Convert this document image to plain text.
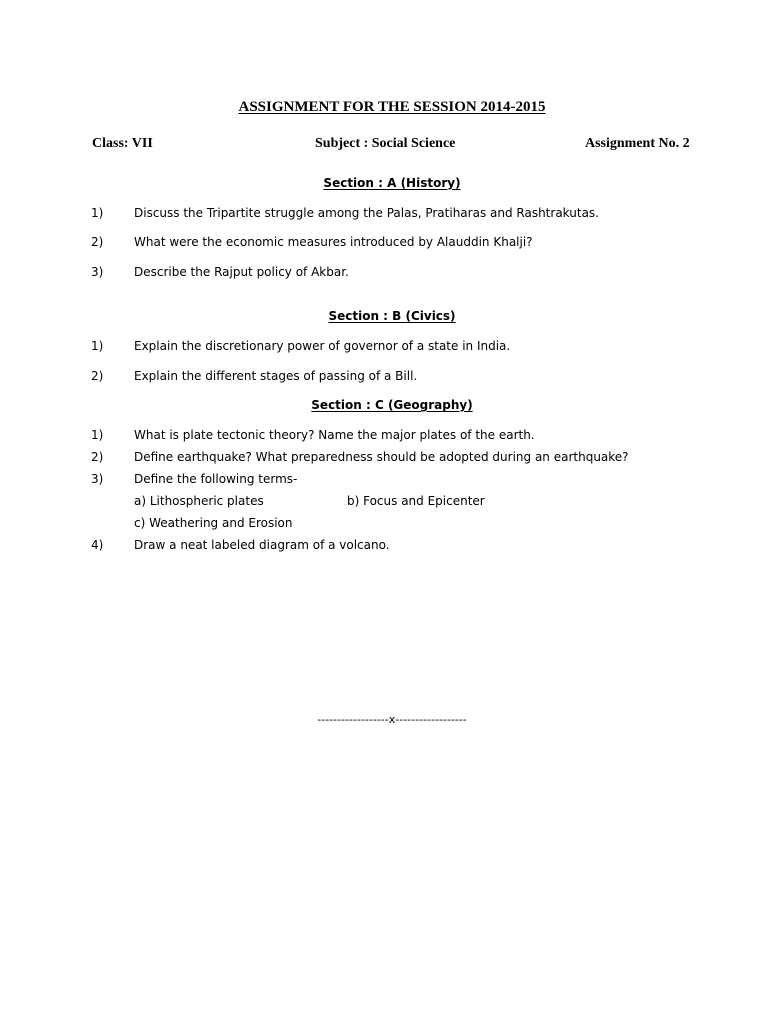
ASSIGNMENT FOR THE SESSION 2014-2015
Class: VII	Subject : Social Science	Assignment No. 2
Section : A (History)
1)	Discuss the Tripartite struggle among the Palas, Pratiharas and Rashtrakutas.
2)	What were the economic measures introduced by Alauddin Khalji?
3)	Describe the Rajput policy of Akbar.
Section : B (Civics)
1)	Explain the discretionary power of governor of a state in India.
2)	Explain the different stages of passing of a Bill.
Section : C (Geography)
1)	What is plate tectonic theory? Name the major plates of the earth.
2)	Define earthquake? What preparedness should be adopted during an earthquake?
3)	Define the following terms-
a) Lithospheric plates	b) Focus and Epicenter
c) Weathering and Erosion
4)	Draw a neat labeled diagram of a volcano.
------------------x------------------
